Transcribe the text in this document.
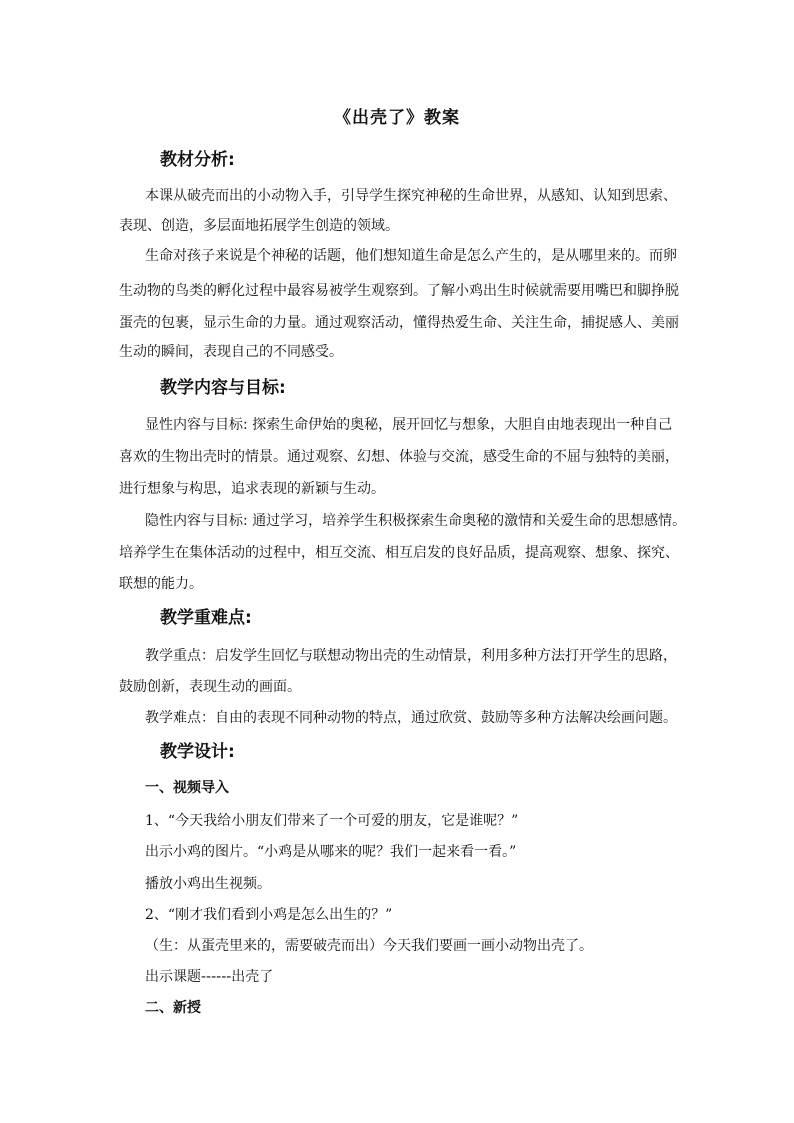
《出壳了》教案
教材分析:
本课从破壳而出的小动物入手，引导学生探究神秘的生命世界，从感知、认知到思索、
表现、创造，多层面地拓展学生创造的领域。
生命对孩子来说是个神秘的话题，他们想知道生命是怎么产生的，是从哪里来的。而卵
生动物的鸟类的孵化过程中最容易被学生观察到。了解小鸡出生时候就需要用嘴巴和脚挣脱
蛋壳的包裹，显示生命的力量。通过观察活动，懂得热爱生命、关注生命，捕捉感人、美丽
生动的瞬间，表现自己的不同感受。
教学内容与目标:
显性内容与目标: 探索生命伊始的奥秘，展开回忆与想象，大胆自由地表现出一种自己
喜欢的生物出壳时的情景。通过观察、幻想、体验与交流，感受生命的不屈与独特的美丽，
进行想象与构思，追求表现的新颖与生动。
隐性内容与目标: 通过学习，培养学生积极探索生命奥秘的激情和关爱生命的思想感情。
培养学生在集体活动的过程中，相互交流、相互启发的良好品质，提高观察、想象、探究、
联想的能力。
教学重难点:
教学重点：启发学生回忆与联想动物出壳的生动情景，利用多种方法打开学生的思路，
鼓励创新，表现生动的画面。
教学难点：自由的表现不同种动物的特点，通过欣赏、鼓励等多种方法解决绘画问题。
教学设计:
一、视频导入
1、“今天我给小朋友们带来了一个可爱的朋友，它是谁呢？”
出示小鸡的图片。“小鸡是从哪来的呢？我们一起来看一看。”
播放小鸡出生视频。
2、“刚才我们看到小鸡是怎么出生的？”
（生：从蛋壳里来的，需要破壳而出）今天我们要画一画小动物出壳了。
出示课题------出壳了
二、新授
